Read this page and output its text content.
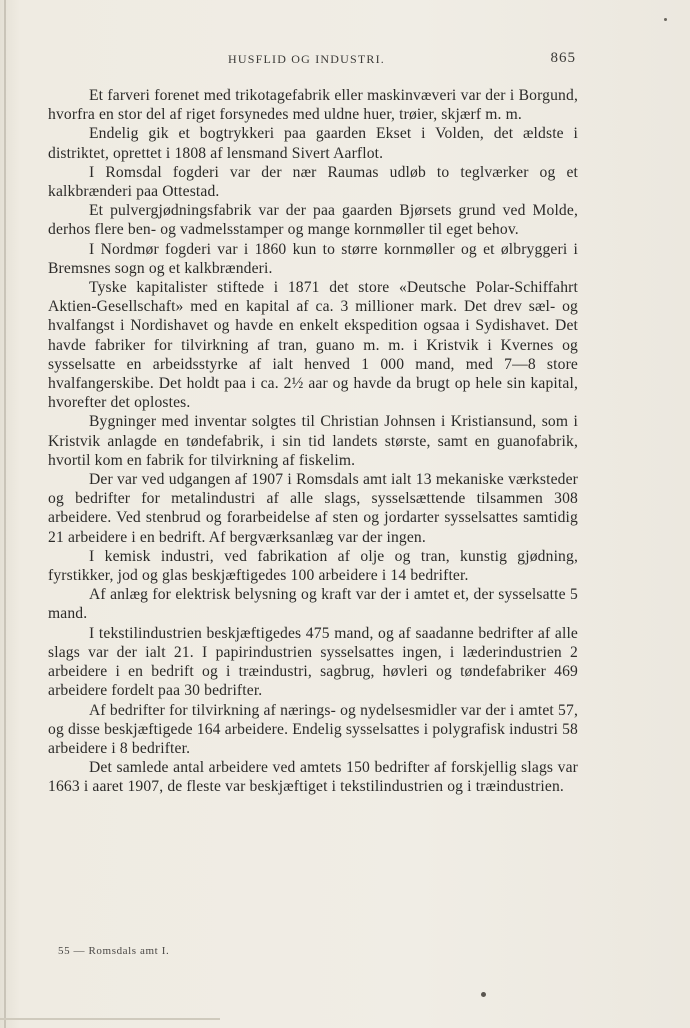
HUSFLID OG INDUSTRI.	865

Et farveri forenet med trikotagefabrik eller maskinvæveri var der i Borgund, hvorfra en stor del af riget forsynedes med uldne huer, trøier, skjærf m. m.

Endelig gik et bogtrykkeri paa gaarden Ekset i Volden, det ældste i distriktet, oprettet i 1808 af lensmand Sivert Aarflot.

I Romsdal fogderi var der nær Raumas udløb to teglværker og et kalkbrænderi paa Ottestad.

Et pulvergjødningsfabrik var der paa gaarden Bjørsets grund ved Molde, derhos flere ben- og vadmelsstamper og mange kornmøller til eget behov.

I Nordmør fogderi var i 1860 kun to større kornmøller og et ølbryggeri i Bremsnes sogn og et kalkbrænderi.

Tyske kapitalister stiftede i 1871 det store «Deutsche Polar-Schiffahrt Aktien-Gesellschaft» med en kapital af ca. 3 millioner mark. Det drev sæl- og hvalfangst i Nordishavet og havde en enkelt ekspedition ogsaa i Sydishavet. Det havde fabriker for tilvirkning af tran, guano m. m. i Kristvik i Kvernes og sysselsatte en arbeidsstyrke af ialt henved 1 000 mand, med 7—8 store hvalfangerskibe. Det holdt paa i ca. 2½ aar og havde da brugt op hele sin kapital, hvorefter det oplostes.

Bygninger med inventar solgtes til Christian Johnsen i Kristiansund, som i Kristvik anlagde en tøndefabrik, i sin tid landets største, samt en guanofabrik, hvortil kom en fabrik for tilvirkning af fiskelim.

Der var ved udgangen af 1907 i Romsdals amt ialt 13 mekaniske værksteder og bedrifter for metalindustri af alle slags, sysselsættende tilsammen 308 arbeidere. Ved stenbrud og forarbeidelse af sten og jordarter sysselsattes samtidig 21 arbeidere i en bedrift. Af bergværksanlæg var der ingen.

I kemisk industri, ved fabrikation af olje og tran, kunstig gjødning, fyrstikker, jod og glas beskjæftigedes 100 arbeidere i 14 bedrifter.

Af anlæg for elektrisk belysning og kraft var der i amtet et, der sysselsatte 5 mand.

I tekstilindustrien beskjæftigedes 475 mand, og af saadanne bedrifter af alle slags var der ialt 21. I papirindustrien sysselsattes ingen, i læderindustrien 2 arbeidere i en bedrift og i træindustri, sagbrug, høvleri og tøndefabriker 469 arbeidere fordelt paa 30 bedrifter.

Af bedrifter for tilvirkning af nærings- og nydelsesmidler var der i amtet 57, og disse beskjæftigede 164 arbeidere. Endelig sysselsattes i polygrafisk industri 58 arbeidere i 8 bedrifter.

Det samlede antal arbeidere ved amtets 150 bedrifter af forskjellig slags var 1663 i aaret 1907, de fleste var beskjæftiget i tekstilindustrien og i træindustrien.

55 — Romsdals amt I.
